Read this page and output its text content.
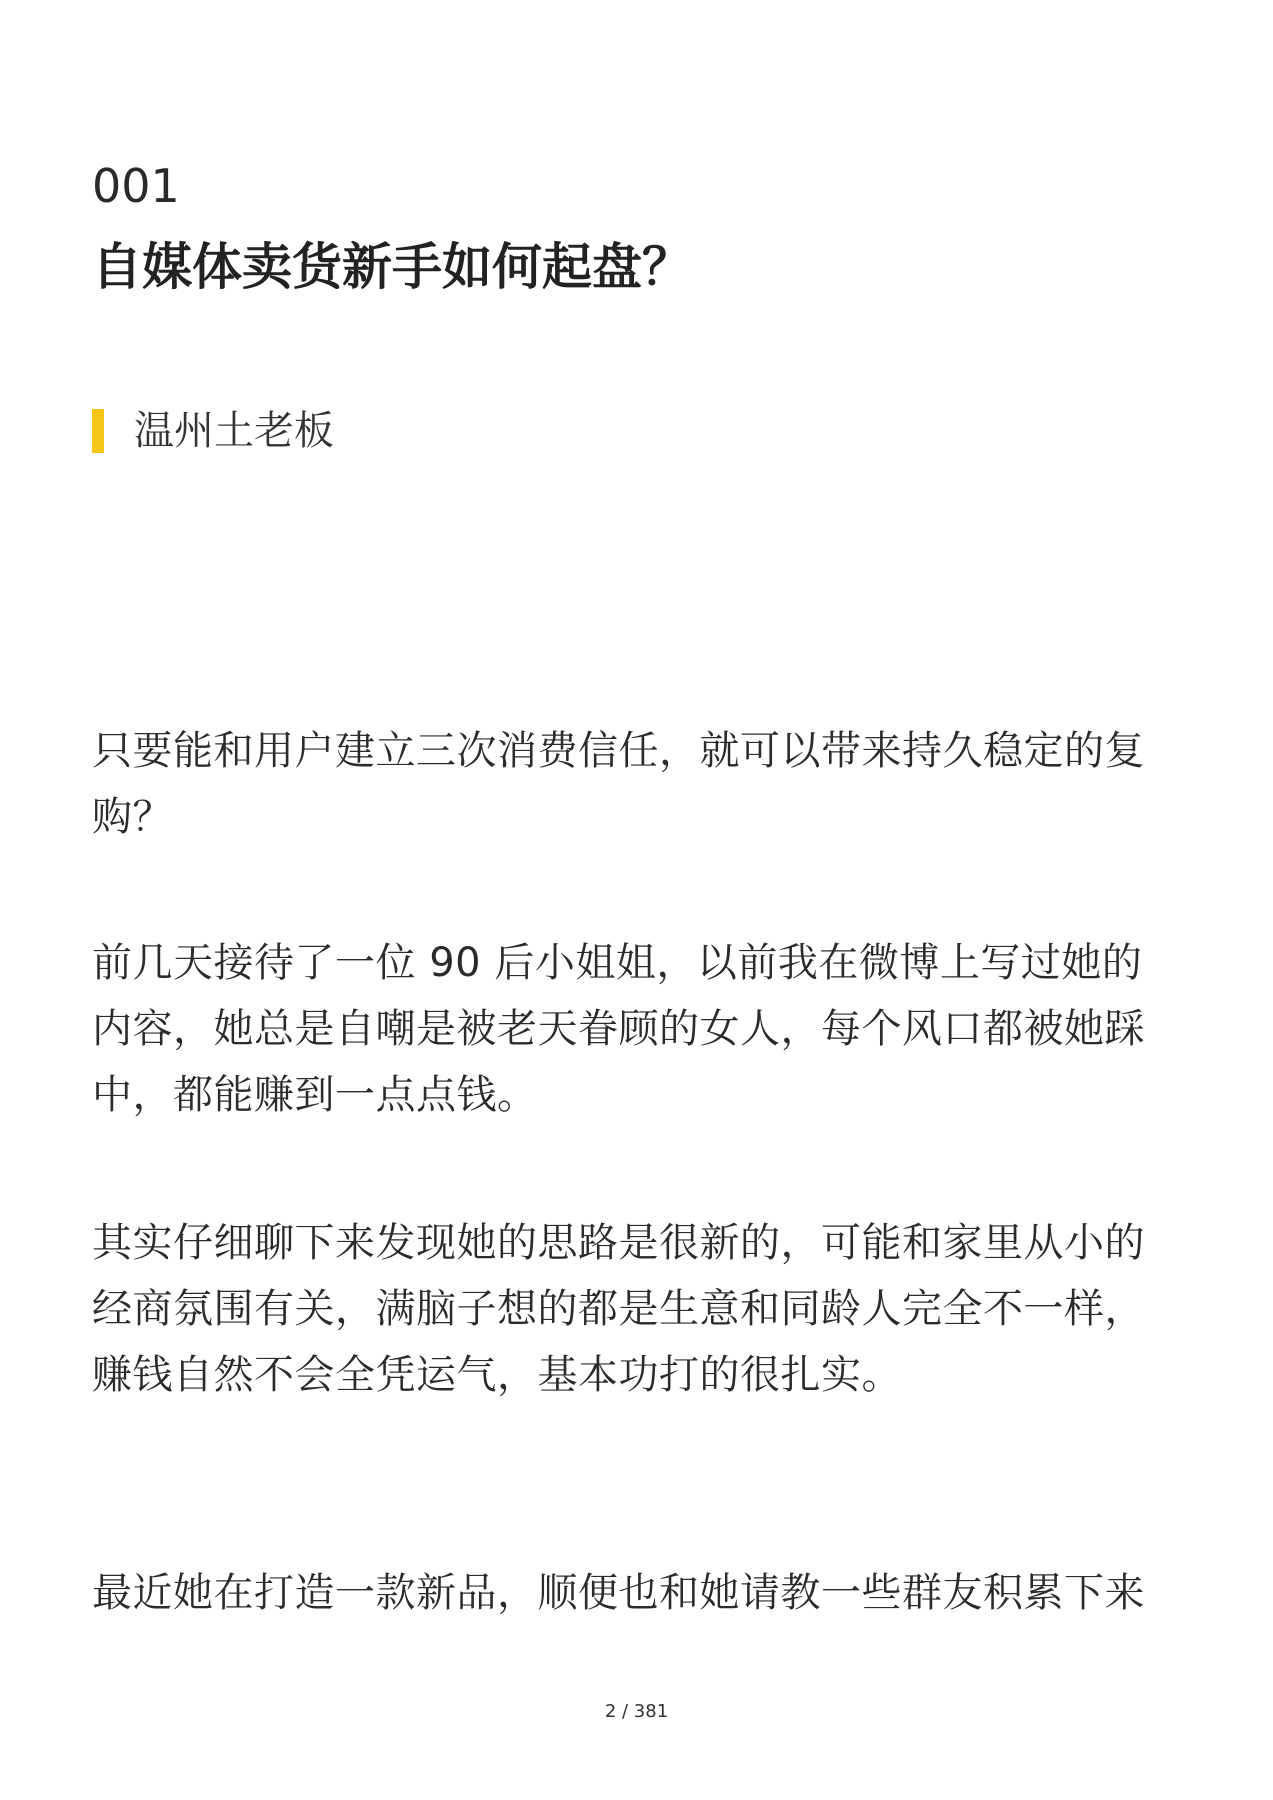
001
自媒体卖货新手如何起盘？
温州土老板

只要能和用户建立三次消费信任，就可以带来持久稳定的复
购？

前几天接待了一位 90 后小姐姐，以前我在微博上写过她的
内容，她总是自嘲是被老天眷顾的女人，每个风口都被她踩
中，都能赚到一点点钱。

其实仔细聊下来发现她的思路是很新的，可能和家里从小的
经商氛围有关，满脑子想的都是生意和同龄人完全不一样，
赚钱自然不会全凭运气，基本功打的很扎实。

最近她在打造一款新品，顺便也和她请教一些群友积累下来

2 / 381
